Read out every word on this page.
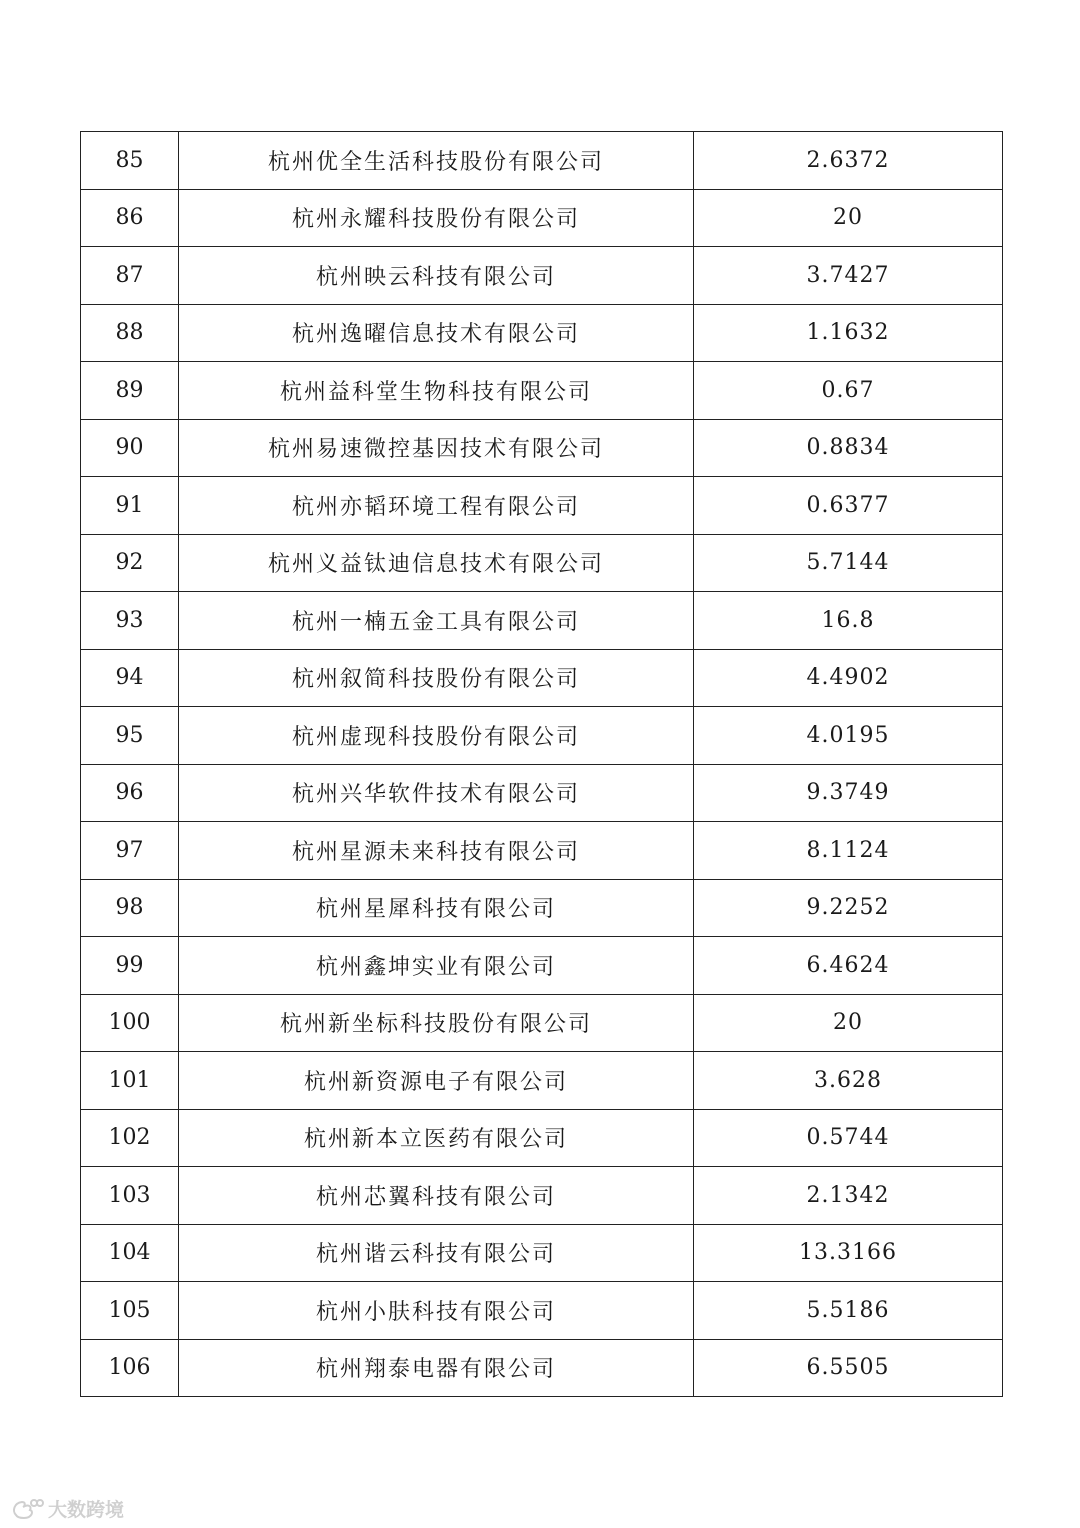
85	杭州优全生活科技股份有限公司	2.6372
86	杭州永耀科技股份有限公司	20
87	杭州映云科技有限公司	3.7427
88	杭州逸曜信息技术有限公司	1.1632
89	杭州益科堂生物科技有限公司	0.67
90	杭州易速微控基因技术有限公司	0.8834
91	杭州亦韬环境工程有限公司	0.6377
92	杭州义益钛迪信息技术有限公司	5.7144
93	杭州一楠五金工具有限公司	16.8
94	杭州叙简科技股份有限公司	4.4902
95	杭州虚现科技股份有限公司	4.0195
96	杭州兴华软件技术有限公司	9.3749
97	杭州星源未来科技有限公司	8.1124
98	杭州星犀科技有限公司	9.2252
99	杭州鑫坤实业有限公司	6.4624
100	杭州新坐标科技股份有限公司	20
101	杭州新资源电子有限公司	3.628
102	杭州新本立医药有限公司	0.5744
103	杭州芯翼科技有限公司	2.1342
104	杭州谐云科技有限公司	13.3166
105	杭州小肤科技有限公司	5.5186
106	杭州翔泰电器有限公司	6.5505
大数跨境
